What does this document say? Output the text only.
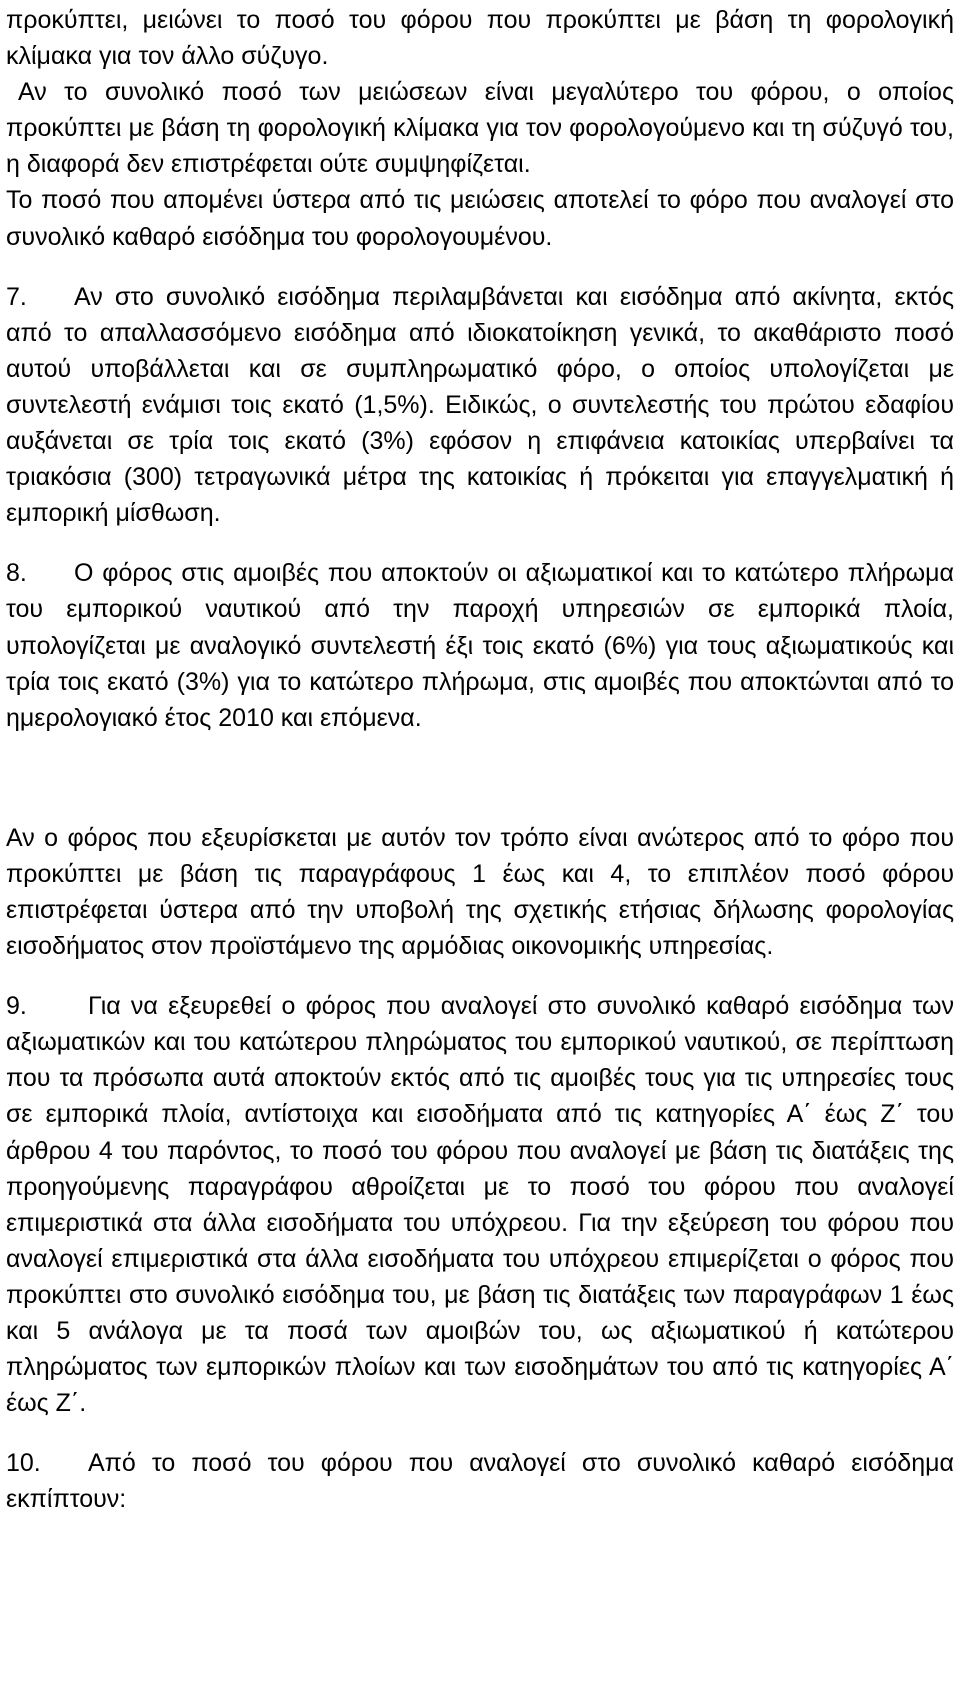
προκύπτει, μειώνει το ποσό του φόρου που προκύπτει με βάση τη φορολογική κλίμακα για τον άλλο σύζυγο.

Αν το συνολικό ποσό των μειώσεων είναι μεγαλύτερο του φόρου, ο οποίος προκύπτει με βάση τη φορολογική κλίμακα για τον φορολογούμενο και τη σύζυγό του, η διαφορά δεν επιστρέφεται ούτε συμψηφίζεται.

Το ποσό που απομένει ύστερα από τις μειώσεις αποτελεί το φόρο που αναλογεί στο συνολικό καθαρό εισόδημα του φορολογουμένου.

7. Αν στο συνολικό εισόδημα περιλαμβάνεται και εισόδημα από ακίνητα, εκτός από το απαλλασσόμενο εισόδημα από ιδιοκατοίκηση γενικά, το ακαθάριστο ποσό αυτού υποβάλλεται και σε συμπληρωματικό φόρο, ο οποίος υπολογίζεται με συντελεστή ενάμισι τοις εκατό (1,5%). Ειδικώς, ο συντελεστής του πρώτου εδαφίου αυξάνεται σε τρία τοις εκατό (3%) εφόσον η επιφάνεια κατοικίας υπερβαίνει τα τριακόσια (300) τετραγωνικά μέτρα της κατοικίας ή πρόκειται για επαγγελματική ή εμπορική μίσθωση.

8. Ο φόρος στις αμοιβές που αποκτούν οι αξιωματικοί και το κατώτερο πλήρωμα του εμπορικού ναυτικού από την παροχή υπηρεσιών σε εμπορικά πλοία, υπολογίζεται με αναλογικό συντελεστή έξι τοις εκατό (6%) για τους αξιωματικούς και τρία τοις εκατό (3%) για το κατώτερο πλήρωμα, στις αμοιβές που αποκτώνται από το ημερολογιακό έτος 2010 και επόμενα.

Αν ο φόρος που εξευρίσκεται με αυτόν τον τρόπο είναι ανώτερος από το φόρο που προκύπτει με βάση τις παραγράφους 1 έως και 4, το επιπλέον ποσό φόρου επιστρέφεται ύστερα από την υποβολή της σχετικής ετήσιας δήλωσης φορολογίας εισοδήματος στον προϊστάμενο της αρμόδιας οικονομικής υπηρεσίας.

9. Για να εξευρεθεί ο φόρος που αναλογεί στο συνολικό καθαρό εισόδημα των αξιωματικών και του κατώτερου πληρώματος του εμπορικού ναυτικού, σε περίπτωση που τα πρόσωπα αυτά αποκτούν εκτός από τις αμοιβές τους για τις υπηρεσίες τους σε εμπορικά πλοία, αντίστοιχα και εισοδήματα από τις κατηγορίες Α΄ έως Ζ΄ του άρθρου 4 του παρόντος, το ποσό του φόρου που αναλογεί με βάση τις διατάξεις της προηγούμενης παραγράφου αθροίζεται με το ποσό του φόρου που αναλογεί επιμεριστικά στα άλλα εισοδήματα του υπόχρεου. Για την εξεύρεση του φόρου που αναλογεί επιμεριστικά στα άλλα εισοδήματα του υπόχρεου επιμερίζεται ο φόρος που προκύπτει στο συνολικό εισόδημα του, με βάση τις διατάξεις των παραγράφων 1 έως και 5 ανάλογα με τα ποσά των αμοιβών του, ως αξιωματικού ή κατώτερου πληρώματος των εμπορικών πλοίων και των εισοδημάτων του από τις κατηγορίες Α΄ έως Ζ΄.

10. Από το ποσό του φόρου που αναλογεί στο συνολικό καθαρό εισόδημα εκπίπτουν:
